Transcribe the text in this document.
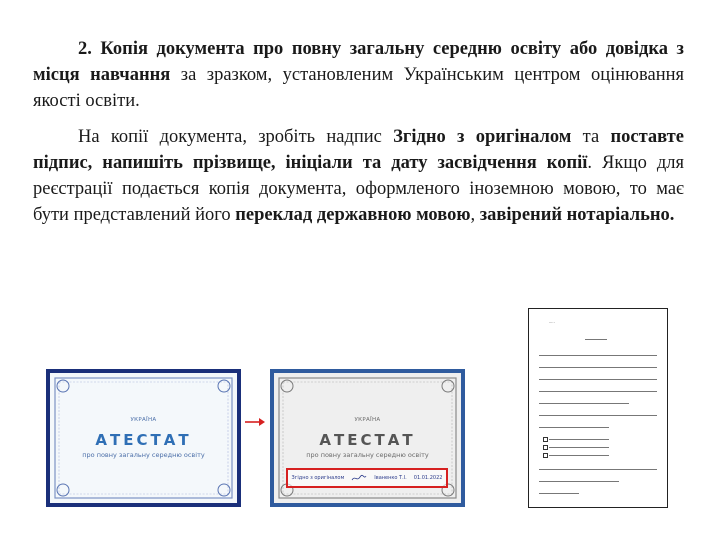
2. Копія документа про повну загальну середню освіту або довідка з місця навчання за зразком, установленим Українським центром оцінювання якості освіти.

На копії документа, зробіть надпис Згідно з оригіналом та поставте підпис, напишіть прізвище, ініціали та дату засвідчення копії. Якщо для реєстрації подається копія документа, оформленого іноземною мовою, то має бути представлений його переклад державною мовою, завірений нотаріально.

УКРАЇНА
АТЕСТАТ
про повну загальну середню освіту
УКРАЇНА
АТЕСТАТ
про повну загальну середню освіту
Згідно з оригіналом	Іваненко Т.І. 01.01.2022
·····
